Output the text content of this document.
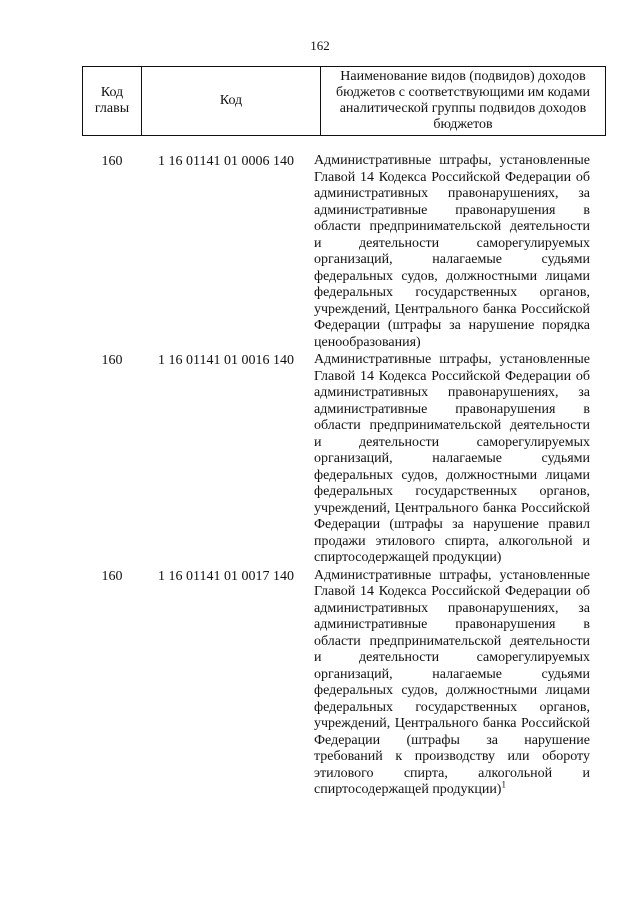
162
Код главы	Код	Наименование видов (подвидов) доходов бюджетов с соответствующими им кодами аналитической группы подвидов доходов бюджетов
160	1 16 01141 01 0006 140	Административные штрафы, установленные Главой 14 Кодекса Российской Федерации об административных правонарушениях, за административные правонарушения в области предпринимательской деятельности и деятельности саморегулируемых организаций, налагаемые судьями федеральных судов, должностными лицами федеральных государственных органов, учреждений, Центрального банка Российской Федерации (штрафы за нарушение порядка ценообразования)
160	1 16 01141 01 0016 140	Административные штрафы, установленные Главой 14 Кодекса Российской Федерации об административных правонарушениях, за административные правонарушения в области предпринимательской деятельности и деятельности саморегулируемых организаций, налагаемые судьями федеральных судов, должностными лицами федеральных государственных органов, учреждений, Центрального банка Российской Федерации (штрафы за нарушение правил продажи этилового спирта, алкогольной и спиртосодержащей продукции)
160	1 16 01141 01 0017 140	Административные штрафы, установленные Главой 14 Кодекса Российской Федерации об административных правонарушениях, за административные правонарушения в области предпринимательской деятельности и деятельности саморегулируемых организаций, налагаемые судьями федеральных судов, должностными лицами федеральных государственных органов, учреждений, Центрального банка Российской Федерации (штрафы за нарушение требований к производству или обороту этилового спирта, алкогольной и спиртосодержащей продукции)$^1$
